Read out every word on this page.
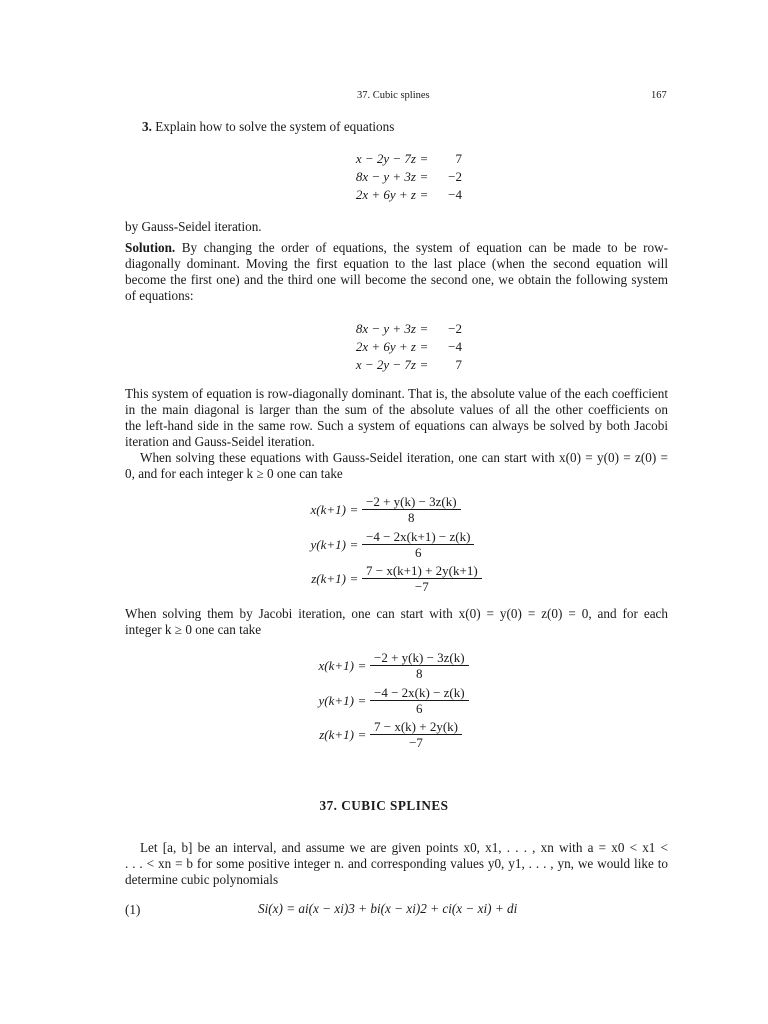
37. Cubic splines	167
3. Explain how to solve the system of equations
x − 2y − 7z =	7
8x − y + 3z =	−2
2x + 6y + z =	−4
by Gauss-Seidel iteration.
Solution. By changing the order of equations, the system of equation can be made to be row-
diagonally dominant. Moving the first equation to the last place (when the second equation will
become the first one) and the third one will become the second one, we obtain the following system
of equations:
8x − y + 3z =	−2
2x + 6y + z =	−4
x − 2y − 7z =	7
This system of equation is row-diagonally dominant. That is, the absolute value of the each coefficient
in the main diagonal is larger than the sum of the absolute values of all the other coefficients on
the left-hand side in the same row. Such a system of equations can always be solved by both Jacobi
iteration and Gauss-Seidel iteration.
When solving these equations with Gauss-Seidel iteration, one can start with x(0) = y(0) = z(0) =
0, and for each integer k ≥ 0 one can take
$x(k+1) = \frac{-2 + y(k) - 3z(k)}{8}$
$y(k+1) = \frac{-4 - 2x(k+1) - z(k)}{6}$
$z(k+1) = \frac{7 - x(k+1) + 2y(k+1)}{-7}$
When solving them by Jacobi iteration, one can start with x(0) = y(0) = z(0) = 0, and for each
integer k ≥ 0 one can take
$x(k+1) = \frac{-2 + y(k) - 3z(k)}{8}$
$y(k+1) = \frac{-4 - 2x(k) - z(k)}{6}$
$z(k+1) = \frac{7 - x(k) + 2y(k)}{-7}$
37. CUBIC SPLINES
Let [a, b] be an interval, and assume we are given points x0, x1, . . . , xn with a = x0 < x1 <
. . . < xn = b for some positive integer n. and corresponding values y0, y1, . . . , yn, we would like to
determine cubic polynomials
(1)	Si(x) = ai(x − xi)3 + bi(x − xi)2 + ci(x − xi) + di
